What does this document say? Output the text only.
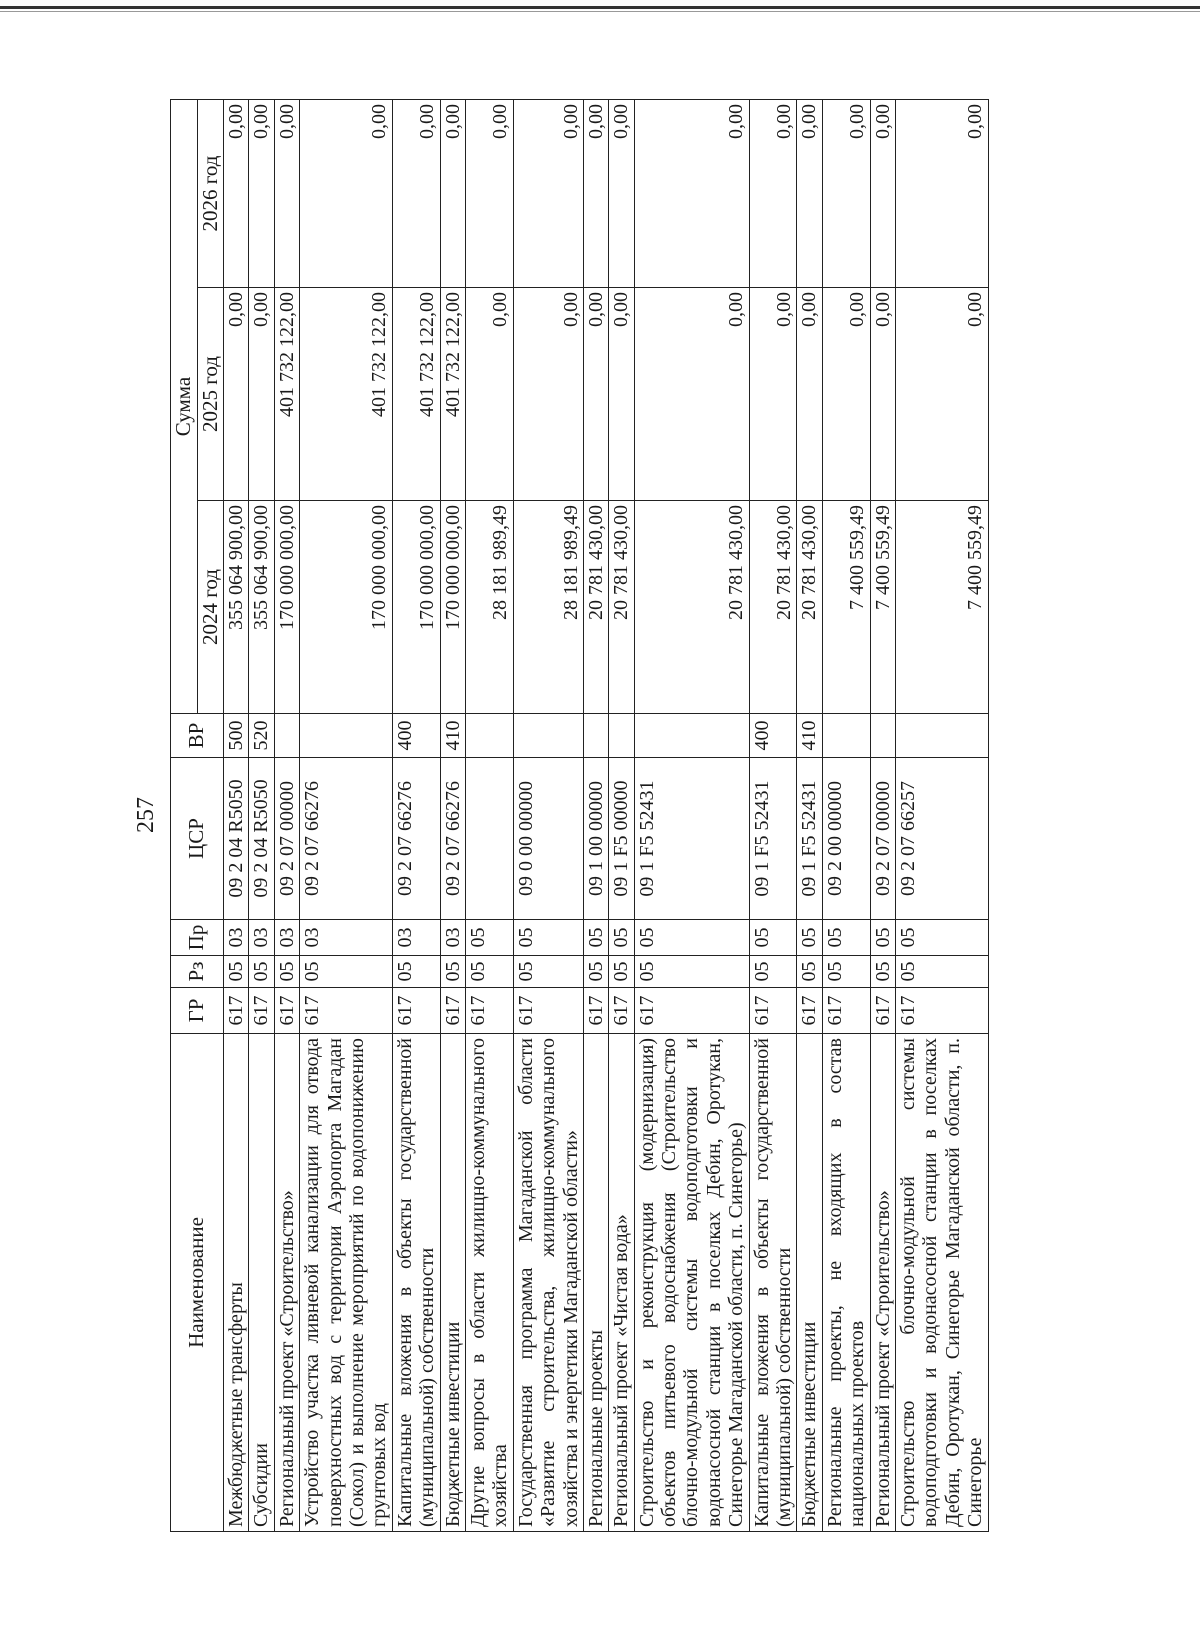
257
Наименование	ГР	Рз	Пр	ЦСР	ВР	Сумма		
						2024 год	2025 год	2026 год
Межбюджетные трансферты	617	05	03	09 2 04 R5050	500	355 064 900,00	0,00	0,00
Субсидии	617	05	03	09 2 04 R5050	520	355 064 900,00	0,00	0,00
Региональный проект «Строительство»	617	05	03	09 2 07 00000		170 000 000,00	401 732 122,00	0,00
Устройство участка ливневой канализации для отвода поверхностных вод с территории Аэропорта Магадан (Сокол) и выполнение мероприятий по водопонижению грунтовых вод	617	05	03	09 2 07 66276		170 000 000,00	401 732 122,00	0,00
Капитальные вложения в объекты государственной (муниципальной) собственности	617	05	03	09 2 07 66276	400	170 000 000,00	401 732 122,00	0,00
Бюджетные инвестиции	617	05	03	09 2 07 66276	410	170 000 000,00	401 732 122,00	0,00
Другие вопросы в области жилищно-коммунального хозяйства	617	05	05			28 181 989,49	0,00	0,00
Государственная программа Магаданской области «Развитие строительства, жилищно-коммунального хозяйства и энергетики Магаданской области»	617	05	05	09 0 00 00000		28 181 989,49	0,00	0,00
Региональные проекты	617	05	05	09 1 00 00000		20 781 430,00	0,00	0,00
Региональный проект «Чистая вода»	617	05	05	09 1 F5 00000		20 781 430,00	0,00	0,00
Строительство и реконструкция (модернизация) объектов питьевого водоснабжения (Строительство блочно-модульной системы водоподготовки и водонасосной станции в поселках Дебин, Оротукан, Синегорье Магаданской области, п. Синегорье)	617	05	05	09 1 F5 52431		20 781 430,00	0,00	0,00
Капитальные вложения в объекты государственной (муниципальной) собственности	617	05	05	09 1 F5 52431	400	20 781 430,00	0,00	0,00
Бюджетные инвестиции	617	05	05	09 1 F5 52431	410	20 781 430,00	0,00	0,00
Региональные проекты, не входящих в состав национальных проектов	617	05	05	09 2 00 00000		7 400 559,49	0,00	0,00
Региональный проект «Строительство»	617	05	05	09 2 07 00000		7 400 559,49	0,00	0,00
Строительство блочно-модульной системы водоподготовки и водонасосной станции в поселках Дебин, Оротукан, Синегорье Магаданской области, п. Синегорье	617	05	05	09 2 07 66257		7 400 559,49	0,00	0,00
